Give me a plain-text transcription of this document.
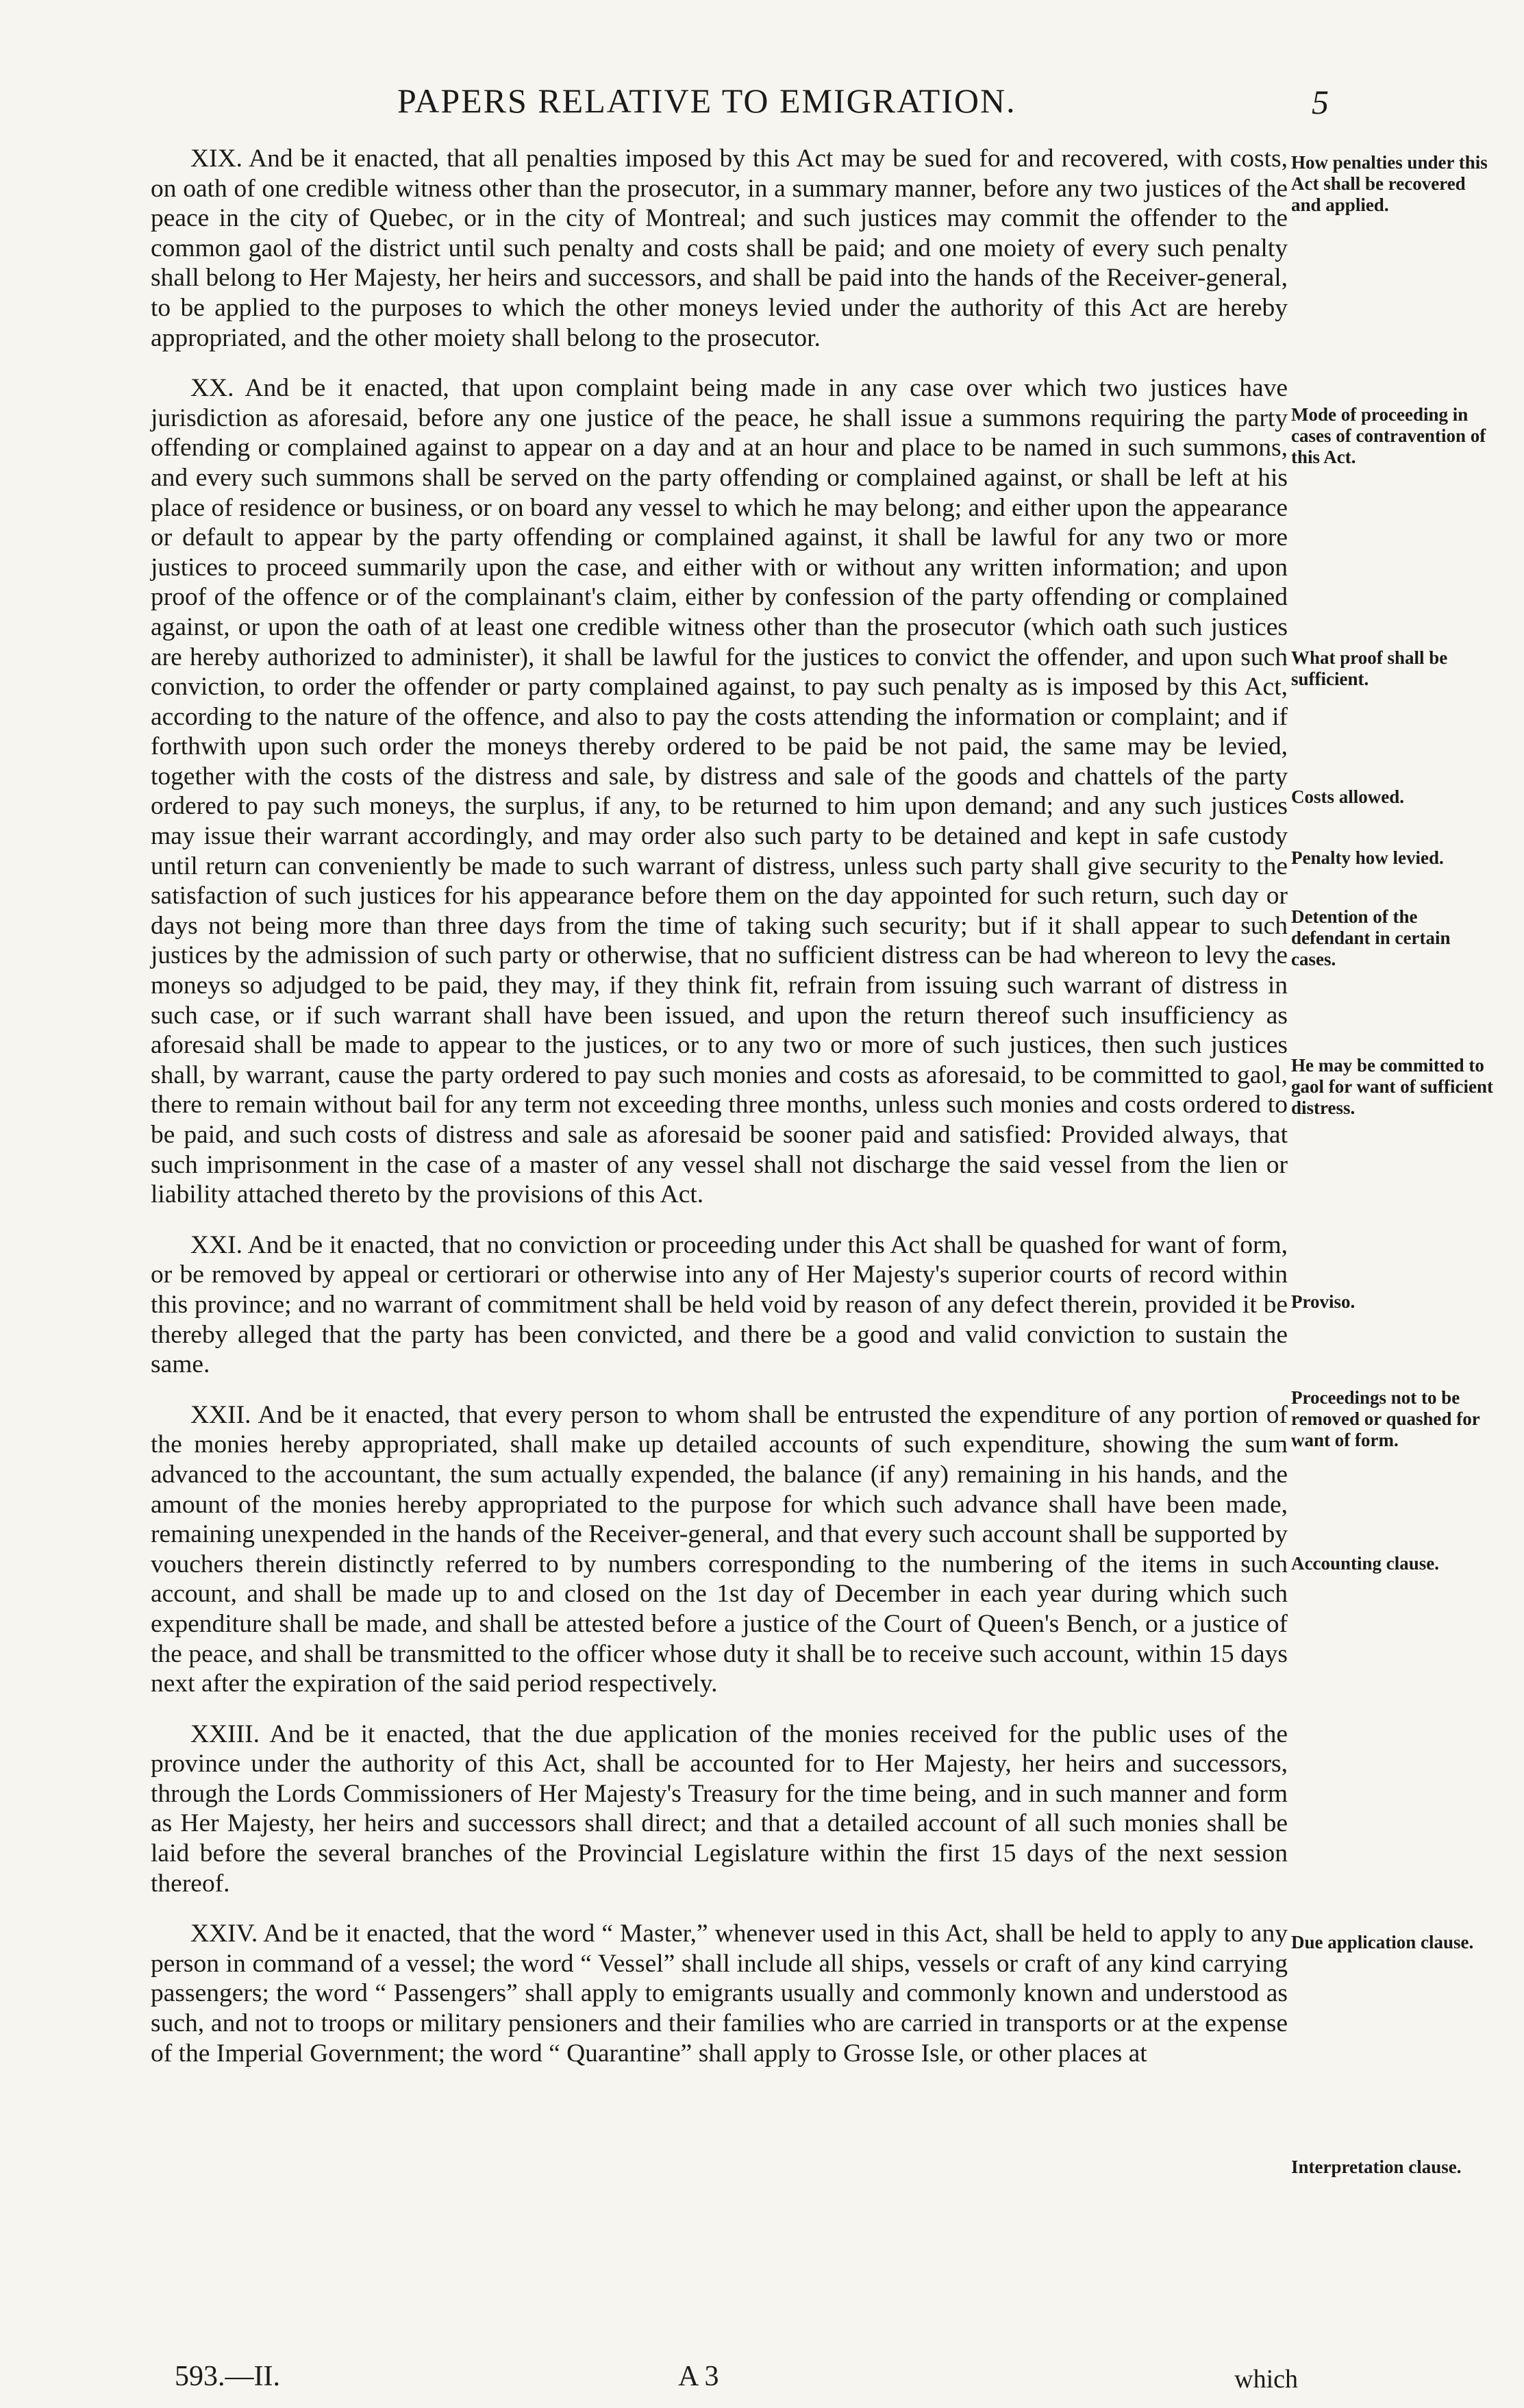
PAPERS RELATIVE TO EMIGRATION.	5

XIX. And be it enacted, that all penalties imposed by this Act may be sued for and recovered, with costs, on oath of one credible witness other than the prosecutor, in a summary manner, before any two justices of the peace in the city of Quebec, or in the city of Montreal; and such justices may commit the offender to the common gaol of the district until such penalty and costs shall be paid; and one moiety of every such penalty shall belong to Her Majesty, her heirs and successors, and shall be paid into the hands of the Receiver-general, to be applied to the purposes to which the other moneys levied under the authority of this Act are hereby appropriated, and the other moiety shall belong to the prosecutor.

XX. And be it enacted, that upon complaint being made in any case over which two justices have jurisdiction as aforesaid, before any one justice of the peace, he shall issue a summons requiring the party offending or complained against to appear on a day and at an hour and place to be named in such summons, and every such summons shall be served on the party offending or complained against, or shall be left at his place of residence or business, or on board any vessel to which he may belong; and either upon the appearance or default to appear by the party offending or complained against, it shall be lawful for any two or more justices to proceed summarily upon the case, and either with or without any written information; and upon proof of the offence or of the complainant's claim, either by confession of the party offending or complained against, or upon the oath of at least one credible witness other than the prosecutor (which oath such justices are hereby authorized to administer), it shall be lawful for the justices to convict the offender, and upon such conviction, to order the offender or party complained against, to pay such penalty as is imposed by this Act, according to the nature of the offence, and also to pay the costs attending the information or complaint; and if forthwith upon such order the moneys thereby ordered to be paid be not paid, the same may be levied, together with the costs of the distress and sale, by distress and sale of the goods and chattels of the party ordered to pay such moneys, the surplus, if any, to be returned to him upon demand; and any such justices may issue their warrant accordingly, and may order also such party to be detained and kept in safe custody until return can conveniently be made to such warrant of distress, unless such party shall give security to the satisfaction of such justices for his appearance before them on the day appointed for such return, such day or days not being more than three days from the time of taking such security; but if it shall appear to such justices by the admission of such party or otherwise, that no sufficient distress can be had whereon to levy the moneys so adjudged to be paid, they may, if they think fit, refrain from issuing such warrant of distress in such case, or if such warrant shall have been issued, and upon the return thereof such insufficiency as aforesaid shall be made to appear to the justices, or to any two or more of such justices, then such justices shall, by warrant, cause the party ordered to pay such monies and costs as aforesaid, to be committed to gaol, there to remain without bail for any term not exceeding three months, unless such monies and costs ordered to be paid, and such costs of distress and sale as aforesaid be sooner paid and satisfied: Provided always, that such imprisonment in the case of a master of any vessel shall not discharge the said vessel from the lien or liability attached thereto by the provisions of this Act.

XXI. And be it enacted, that no conviction or proceeding under this Act shall be quashed for want of form, or be removed by appeal or certiorari or otherwise into any of Her Majesty's superior courts of record within this province; and no warrant of commitment shall be held void by reason of any defect therein, provided it be thereby alleged that the party has been convicted, and there be a good and valid conviction to sustain the same.

XXII. And be it enacted, that every person to whom shall be entrusted the expenditure of any portion of the monies hereby appropriated, shall make up detailed accounts of such expenditure, showing the sum advanced to the accountant, the sum actually expended, the balance (if any) remaining in his hands, and the amount of the monies hereby appropriated to the purpose for which such advance shall have been made, remaining unexpended in the hands of the Receiver-general, and that every such account shall be supported by vouchers therein distinctly referred to by numbers corresponding to the numbering of the items in such account, and shall be made up to and closed on the 1st day of December in each year during which such expenditure shall be made, and shall be attested before a justice of the Court of Queen's Bench, or a justice of the peace, and shall be transmitted to the officer whose duty it shall be to receive such account, within 15 days next after the expiration of the said period respectively.

XXIII. And be it enacted, that the due application of the monies received for the public uses of the province under the authority of this Act, shall be accounted for to Her Majesty, her heirs and successors, through the Lords Commissioners of Her Majesty's Treasury for the time being, and in such manner and form as Her Majesty, her heirs and successors shall direct; and that a detailed account of all such monies shall be laid before the several branches of the Provincial Legislature within the first 15 days of the next session thereof.

XXIV. And be it enacted, that the word “ Master,” whenever used in this Act, shall be held to apply to any person in command of a vessel; the word “ Vessel” shall include all ships, vessels or craft of any kind carrying passengers; the word “ Passengers” shall apply to emigrants usually and commonly known and understood as such, and not to troops or military pensioners and their families who are carried in transports or at the expense of the Imperial Government; the word “ Quarantine” shall apply to Grosse Isle, or other places at

How penalties under this Act shall be recovered and applied.
Mode of proceeding in cases of contravention of this Act.
What proof shall be sufficient.
Costs allowed.
Penalty how levied.
Detention of the defendant in certain cases.
He may be committed to gaol for want of sufficient distress.
Proviso.
Proceedings not to be removed or quashed for want of form.
Accounting clause.
Due application clause.
Interpretation clause.
593.—II.	A 3	which
